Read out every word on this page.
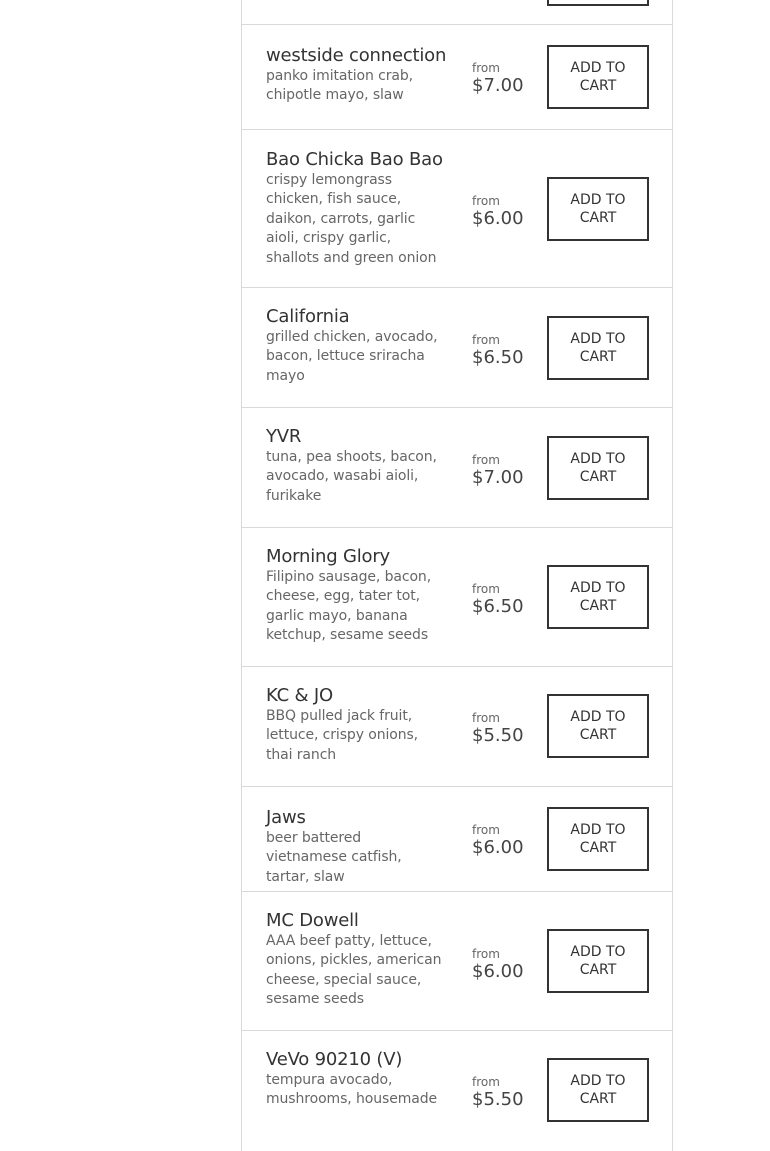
westside connection
panko imitation crab, chipotle mayo, slaw
from
$7.00
ADD TO CART
Bao Chicka Bao Bao
crispy lemongrass chicken, fish sauce, daikon, carrots, garlic aioli, crispy garlic, shallots and green onion
from
$6.00
ADD TO CART
California
grilled chicken, avocado, bacon, lettuce sriracha mayo
from
$6.50
ADD TO CART
YVR
tuna, pea shoots, bacon, avocado, wasabi aioli, furikake
from
$7.00
ADD TO CART
Morning Glory
Filipino sausage, bacon, cheese, egg, tater tot, garlic mayo, banana ketchup, sesame seeds
from
$6.50
ADD TO CART
KC & JO
BBQ pulled jack fruit, lettuce, crispy onions, thai ranch
from
$5.50
ADD TO CART
Jaws
beer battered vietnamese catfish, tartar, slaw
from
$6.00
ADD TO CART
MC Dowell
AAA beef patty, lettuce, onions, pickles, american cheese, special sauce, sesame seeds
from
$6.00
ADD TO CART
VeVo 90210 (V)
tempura avocado, mushrooms, housemade
from
$5.50
ADD TO CART
